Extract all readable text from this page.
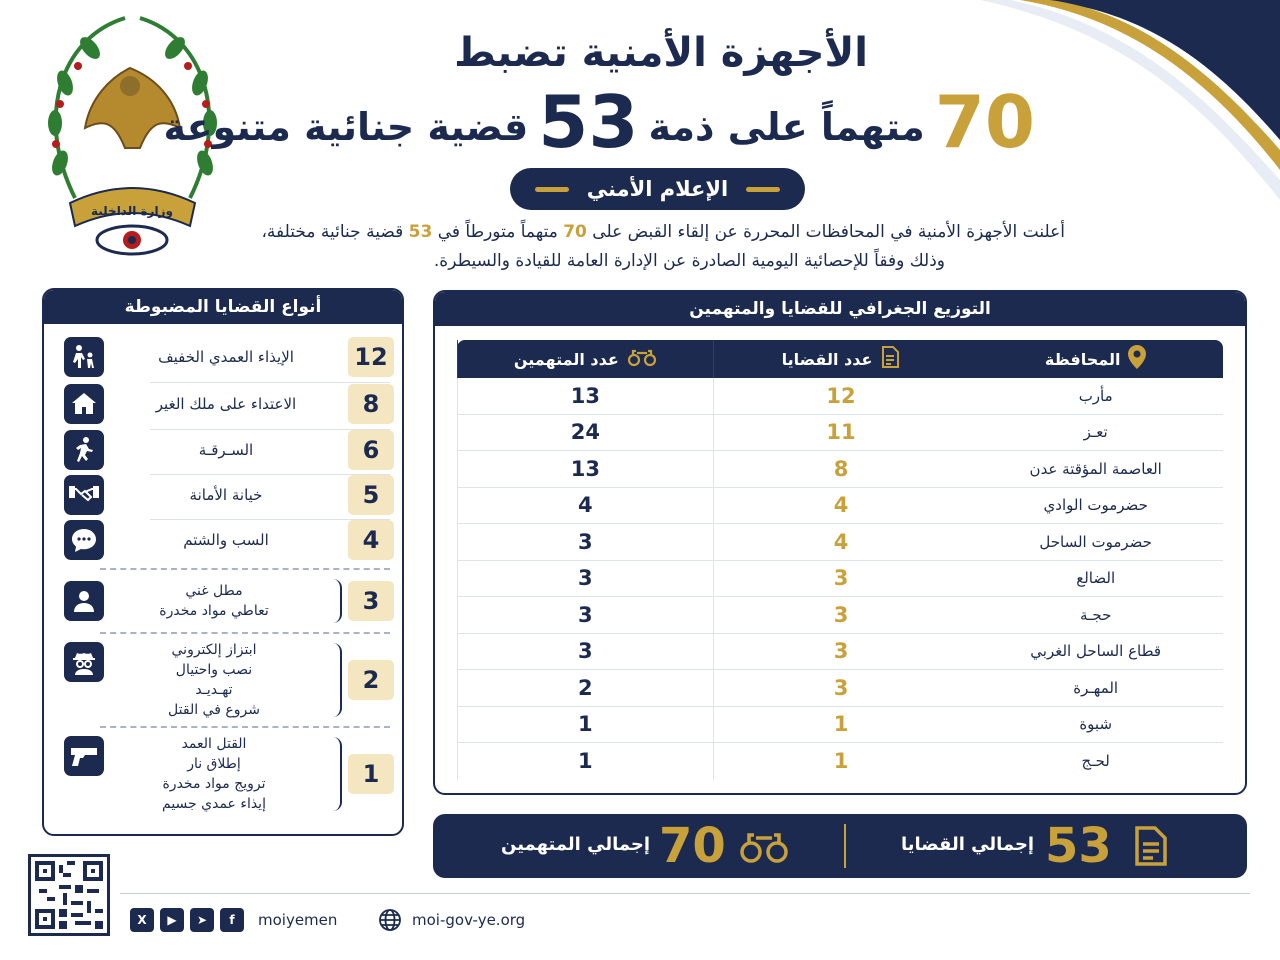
وزارة الداخلية
الأجهزة الأمنية تضبط
70
متهماً على ذمة
53
قضية جنائية متنوعة
الإعلام الأمني
أعلنت الأجهزة الأمنية في المحافظات المحررة عن إلقاء القبض على 70 متهماً متورطاً في 53 قضية جنائية مختلفة،
وذلك وفقاً للإحصائية اليومية الصادرة عن الإدارة العامة للقيادة والسيطرة.
أنواع القضايا المضبوطة
الإيذاء العمدي الخفيف	12
الاعتداء على ملك الغير	8
السـرقـة	6
خيانة الأمانة	5
السب والشتم	4
مطل غني
تعاطي مواد مخدرة	3
ابتزاز إلكتروني
نصب واحتيال
تهـديـد
شروع في القتل
2
القتل العمد
إطلاق نار
ترويج مواد مخدرة
إيذاء عمدي جسيم
1
التوزيع الجغرافي للقضايا والمتهمين
عدد المتهمين	عدد القضايا	المحافظة
13	12	مأرب
24	11	تعـز
13	8	العاصمة المؤقتة عدن
4	4	حضرموت الوادي
3	4	حضرموت الساحل
3	3	الضالع
3	3	حجـة
3	3	قطاع الساحل الغربي
2	3	المهـرة
1	1	شبوة
1	1	لحـج
إجمالي المتهمين 70	إجمالي القضايا 53
X	▶	➤	f	moiyemen	moi-gov-ye.org
